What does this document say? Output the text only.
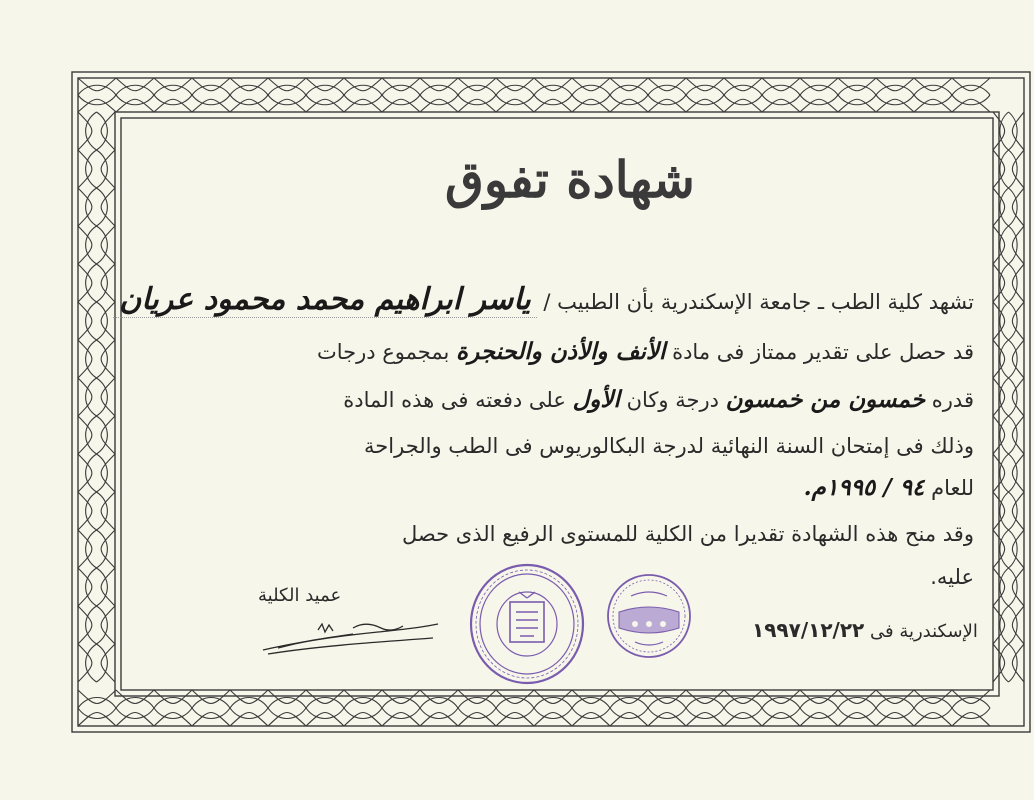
شهادة تفوق
تشهد كلية الطب ـ جامعة الإسكندرية بأن الطبيب / ياسر ابراهيم محمد محمود عريان
قد حصل على تقدير ممتاز فى مادة الأنف والأذن والحنجرة بمجموع درجات
قدره خمسون من خمسون درجة وكان الأول على دفعته فى هذه المادة
وذلك فى إمتحان السنة النهائية لدرجة البكالوريوس فى الطب والجراحة
للعام ٩٤ / ١٩٩٥م.
وقد منح هذه الشهادة تقديرا من الكلية للمستوى الرفيع الذى حصل
عليه.
عميد الكلية
الإسكندرية فى ١٩٩٧/١٢/٢٢
